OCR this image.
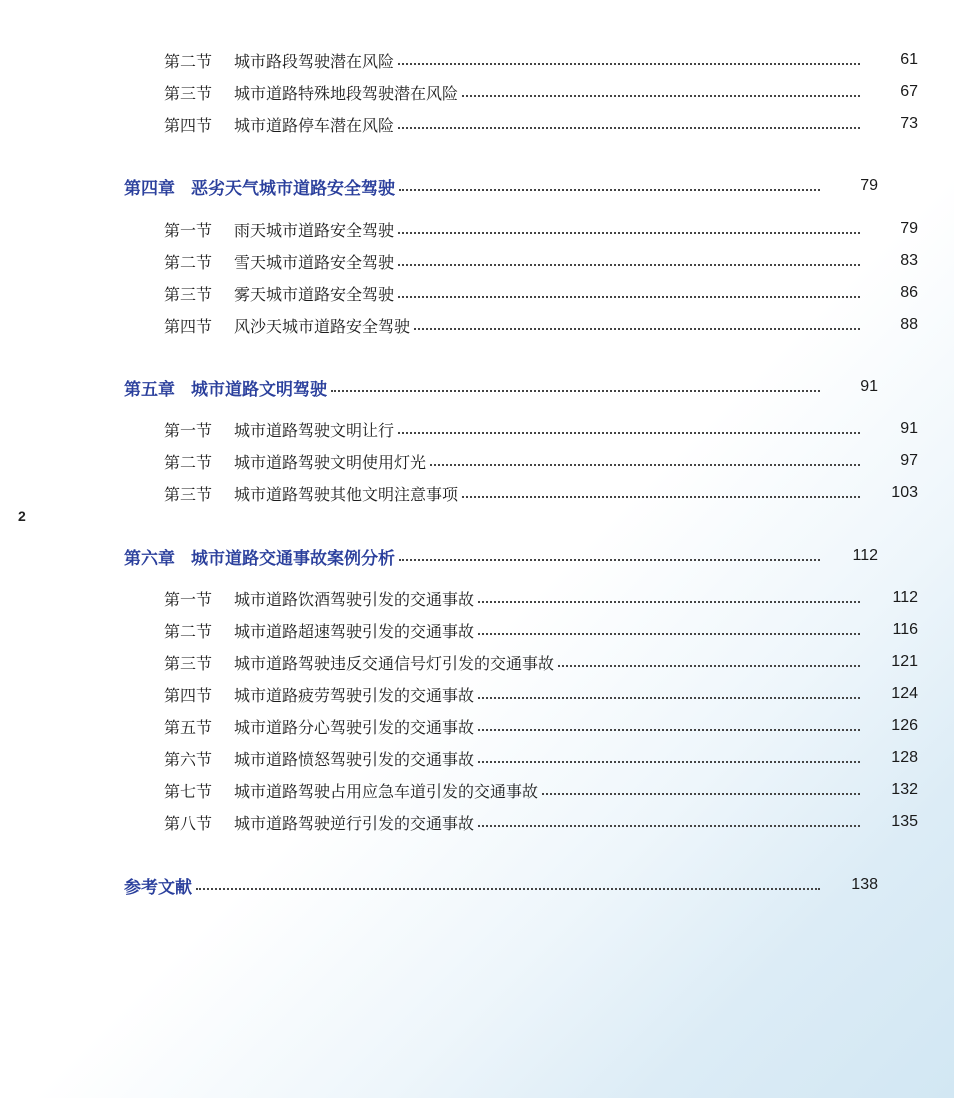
第二节 城市路段驾驶潜在风险	61
第三节 城市道路特殊地段驾驶潜在风险	67
第四节 城市道路停车潜在风险	73
第四章 恶劣天气城市道路安全驾驶	79
第一节 雨天城市道路安全驾驶	79
第二节 雪天城市道路安全驾驶	83
第三节 雾天城市道路安全驾驶	86
第四节 风沙天城市道路安全驾驶	88
第五章 城市道路文明驾驶	91
第一节 城市道路驾驶文明让行	91
第二节 城市道路驾驶文明使用灯光	97
第三节 城市道路驾驶其他文明注意事项	103
第六章 城市道路交通事故案例分析	112
第一节 城市道路饮酒驾驶引发的交通事故	112
第二节 城市道路超速驾驶引发的交通事故	116
第三节 城市道路驾驶违反交通信号灯引发的交通事故	121
第四节 城市道路疲劳驾驶引发的交通事故	124
第五节 城市道路分心驾驶引发的交通事故	126
第六节 城市道路愤怒驾驶引发的交通事故	128
第七节 城市道路驾驶占用应急车道引发的交通事故	132
第八节 城市道路驾驶逆行引发的交通事故	135
参考文献	138
2
